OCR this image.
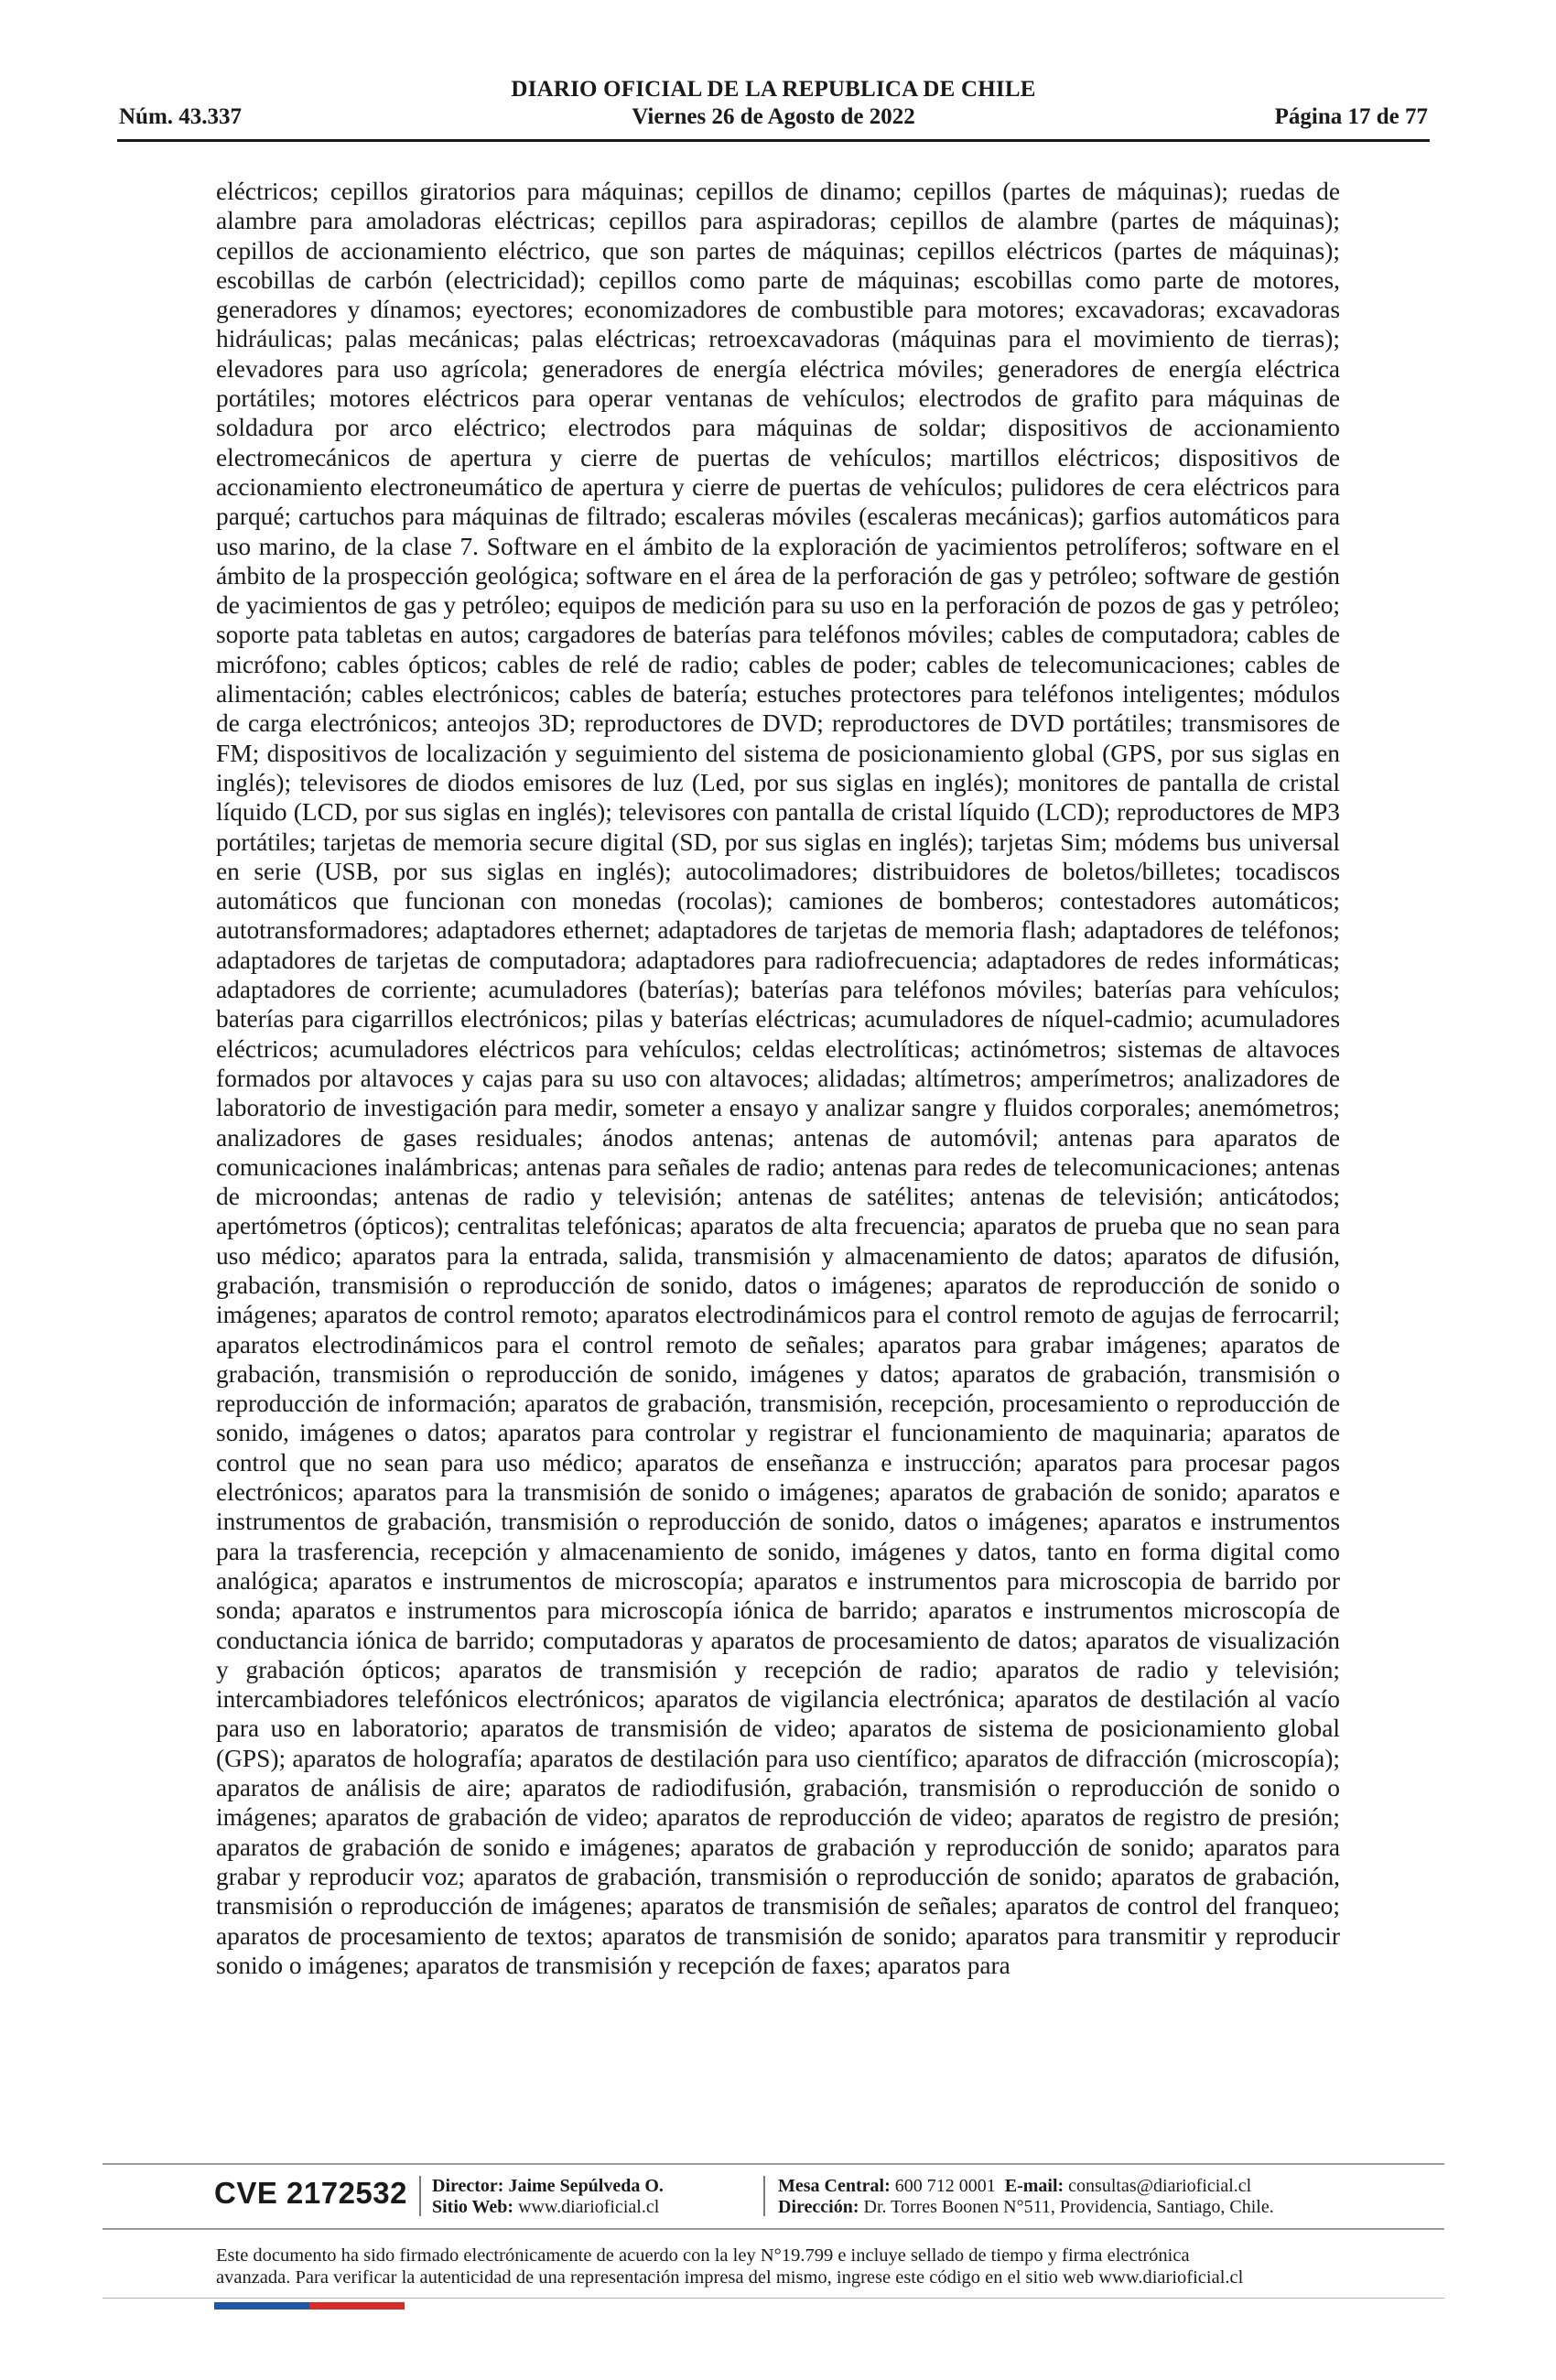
DIARIO OFICIAL DE LA REPUBLICA DE CHILE
Núm. 43.337	Viernes 26 de Agosto de 2022	Página 17 de 77
eléctricos; cepillos giratorios para máquinas; cepillos de dinamo; cepillos (partes de máquinas); ruedas de alambre para amoladoras eléctricas; cepillos para aspiradoras; cepillos de alambre (partes de máquinas); cepillos de accionamiento eléctrico, que son partes de máquinas; cepillos eléctricos (partes de máquinas); escobillas de carbón (electricidad); cepillos como parte de máquinas; escobillas como parte de motores, generadores y dínamos; eyectores; economizadores de combustible para motores; excavadoras; excavadoras hidráulicas; palas mecánicas; palas eléctricas; retroexcavadoras (máquinas para el movimiento de tierras); elevadores para uso agrícola; generadores de energía eléctrica móviles; generadores de energía eléctrica portátiles; motores eléctricos para operar ventanas de vehículos; electrodos de grafito para máquinas de soldadura por arco eléctrico; electrodos para máquinas de soldar; dispositivos de accionamiento electromecánicos de apertura y cierre de puertas de vehículos; martillos eléctricos; dispositivos de accionamiento electroneumático de apertura y cierre de puertas de vehículos; pulidores de cera eléctricos para parqué; cartuchos para máquinas de filtrado; escaleras móviles (escaleras mecánicas); garfios automáticos para uso marino, de la clase 7. Software en el ámbito de la exploración de yacimientos petrolíferos; software en el ámbito de la prospección geológica; software en el área de la perforación de gas y petróleo; software de gestión de yacimientos de gas y petróleo; equipos de medición para su uso en la perforación de pozos de gas y petróleo; soporte pata tabletas en autos; cargadores de baterías para teléfonos móviles; cables de computadora; cables de micrófono; cables ópticos; cables de relé de radio; cables de poder; cables de telecomunicaciones; cables de alimentación; cables electrónicos; cables de batería; estuches protectores para teléfonos inteligentes; módulos de carga electrónicos; anteojos 3D; reproductores de DVD; reproductores de DVD portátiles; transmisores de FM; dispositivos de localización y seguimiento del sistema de posicionamiento global (GPS, por sus siglas en inglés); televisores de diodos emisores de luz (Led, por sus siglas en inglés); monitores de pantalla de cristal líquido (LCD, por sus siglas en inglés); televisores con pantalla de cristal líquido (LCD); reproductores de MP3 portátiles; tarjetas de memoria secure digital (SD, por sus siglas en inglés); tarjetas Sim; módems bus universal en serie (USB, por sus siglas en inglés); autocolimadores; distribuidores de boletos/billetes; tocadiscos automáticos que funcionan con monedas (rocolas); camiones de bomberos; contestadores automáticos; autotransformadores; adaptadores ethernet; adaptadores de tarjetas de memoria flash; adaptadores de teléfonos; adaptadores de tarjetas de computadora; adaptadores para radiofrecuencia; adaptadores de redes informáticas; adaptadores de corriente; acumuladores (baterías); baterías para teléfonos móviles; baterías para vehículos; baterías para cigarrillos electrónicos; pilas y baterías eléctricas; acumuladores de níquel-cadmio; acumuladores eléctricos; acumuladores eléctricos para vehículos; celdas electrolíticas; actinómetros; sistemas de altavoces formados por altavoces y cajas para su uso con altavoces; alidadas; altímetros; amperímetros; analizadores de laboratorio de investigación para medir, someter a ensayo y analizar sangre y fluidos corporales; anemómetros; analizadores de gases residuales; ánodos antenas; antenas de automóvil; antenas para aparatos de comunicaciones inalámbricas; antenas para señales de radio; antenas para redes de telecomunicaciones; antenas de microondas; antenas de radio y televisión; antenas de satélites; antenas de televisión; anticátodos; apertómetros (ópticos); centralitas telefónicas; aparatos de alta frecuencia; aparatos de prueba que no sean para uso médico; aparatos para la entrada, salida, transmisión y almacenamiento de datos; aparatos de difusión, grabación, transmisión o reproducción de sonido, datos o imágenes; aparatos de reproducción de sonido o imágenes; aparatos de control remoto; aparatos electrodinámicos para el control remoto de agujas de ferrocarril; aparatos electrodinámicos para el control remoto de señales; aparatos para grabar imágenes; aparatos de grabación, transmisión o reproducción de sonido, imágenes y datos; aparatos de grabación, transmisión o reproducción de información; aparatos de grabación, transmisión, recepción, procesamiento o reproducción de sonido, imágenes o datos; aparatos para controlar y registrar el funcionamiento de maquinaria; aparatos de control que no sean para uso médico; aparatos de enseñanza e instrucción; aparatos para procesar pagos electrónicos; aparatos para la transmisión de sonido o imágenes; aparatos de grabación de sonido; aparatos e instrumentos de grabación, transmisión o reproducción de sonido, datos o imágenes; aparatos e instrumentos para la trasferencia, recepción y almacenamiento de sonido, imágenes y datos, tanto en forma digital como analógica; aparatos e instrumentos de microscopía; aparatos e instrumentos para microscopia de barrido por sonda; aparatos e instrumentos para microscopía iónica de barrido; aparatos e instrumentos microscopía de conductancia iónica de barrido; computadoras y aparatos de procesamiento de datos; aparatos de visualización y grabación ópticos; aparatos de transmisión y recepción de radio; aparatos de radio y televisión; intercambiadores telefónicos electrónicos; aparatos de vigilancia electrónica; aparatos de destilación al vacío para uso en laboratorio; aparatos de transmisión de video; aparatos de sistema de posicionamiento global (GPS); aparatos de holografía; aparatos de destilación para uso científico; aparatos de difracción (microscopía); aparatos de análisis de aire; aparatos de radiodifusión, grabación, transmisión o reproducción de sonido o imágenes; aparatos de grabación de video; aparatos de reproducción de video; aparatos de registro de presión; aparatos de grabación de sonido e imágenes; aparatos de grabación y reproducción de sonido; aparatos para grabar y reproducir voz; aparatos de grabación, transmisión o reproducción de sonido; aparatos de grabación, transmisión o reproducción de imágenes; aparatos de transmisión de señales; aparatos de control del franqueo; aparatos de procesamiento de textos; aparatos de transmisión de sonido; aparatos para transmitir y reproducir sonido o imágenes; aparatos de transmisión y recepción de faxes; aparatos para
CVE 2172532 Director: Jaime Sepúlveda O.
Sitio Web: www.diarioficial.cl
Mesa Central: 600 712 0001 E-mail: consultas@diarioficial.cl
Dirección: Dr. Torres Boonen N°511, Providencia, Santiago, Chile.
Este documento ha sido firmado electrónicamente de acuerdo con la ley N°19.799 e incluye sellado de tiempo y firma electrónica
avanzada. Para verificar la autenticidad de una representación impresa del mismo, ingrese este código en el sitio web www.diarioficial.cl
